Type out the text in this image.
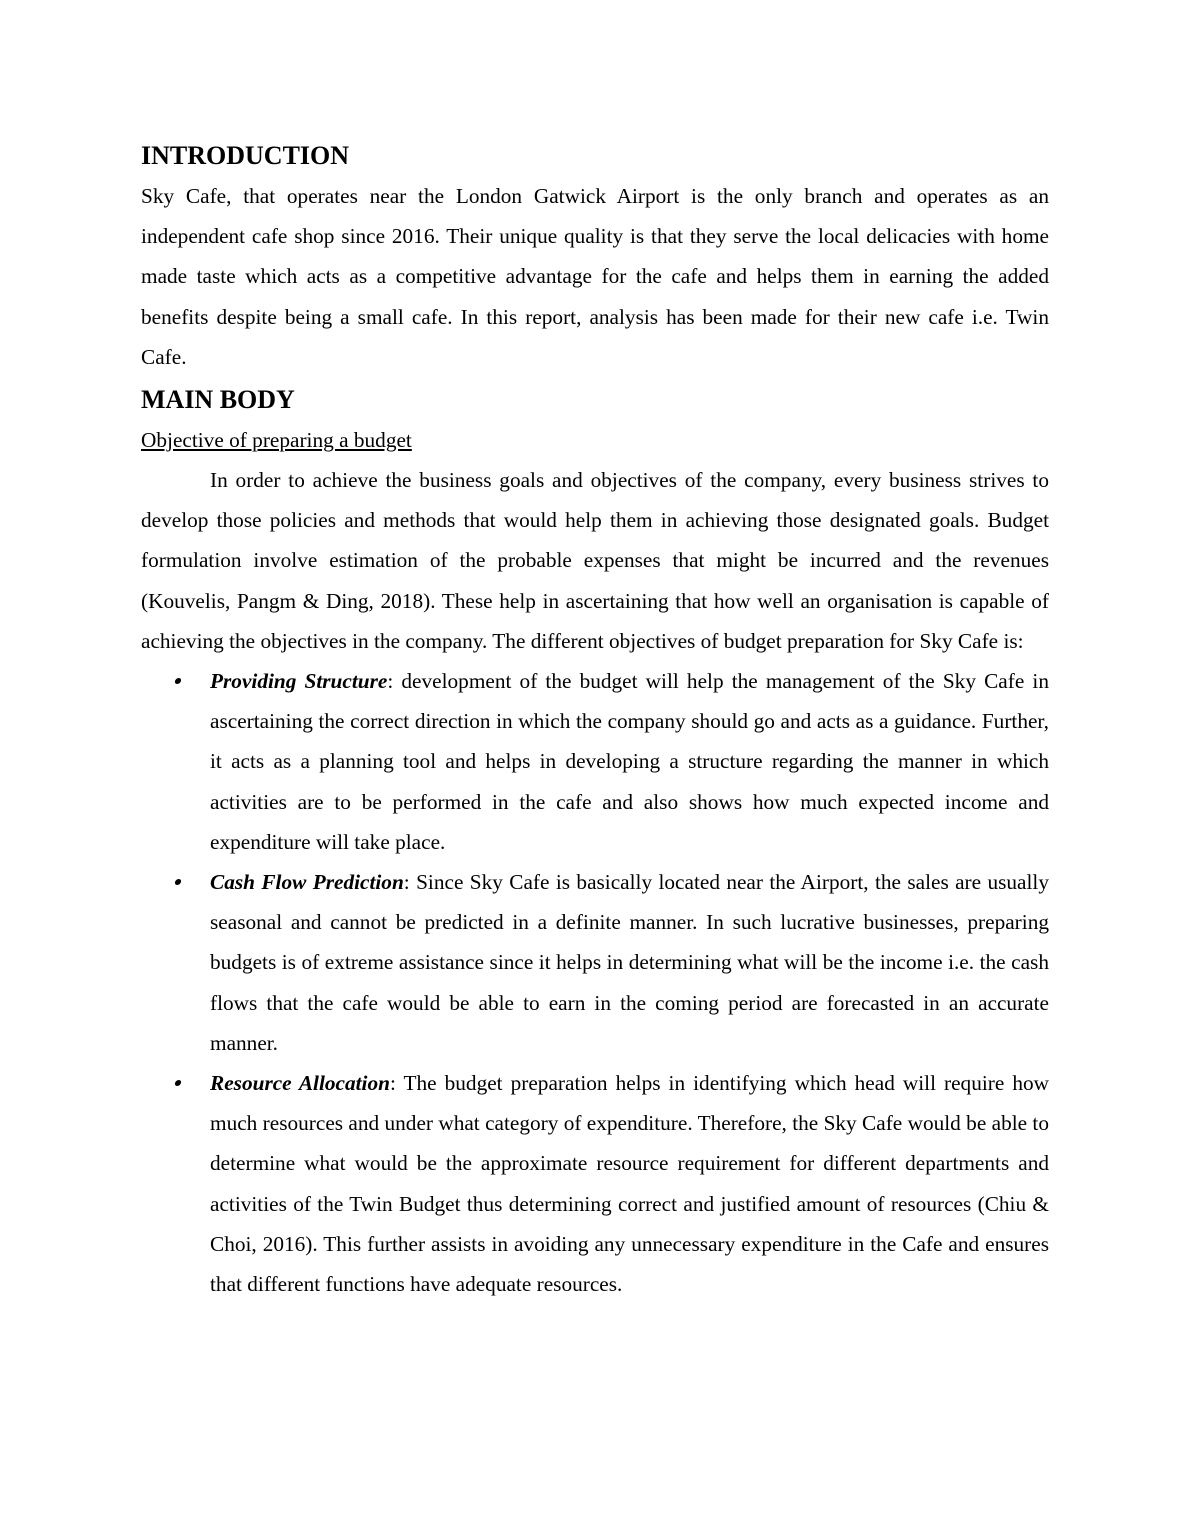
INTRODUCTION

Sky Cafe, that operates near the London Gatwick Airport is the only branch and operates as an independent cafe shop since 2016. Their unique quality is that they serve the local delicacies with home made taste which acts as a competitive advantage for the cafe and helps them in earning the added benefits despite being a small cafe. In this report, analysis has been made for their new cafe i.e. Twin Cafe.

MAIN BODY
Objective of preparing a budget

In order to achieve the business goals and objectives of the company, every business strives to develop those policies and methods that would help them in achieving those designated goals. Budget formulation involve estimation of the probable expenses that might be incurred and the revenues (Kouvelis, Pangm & Ding, 2018). These help in ascertaining that how well an organisation is capable of achieving the objectives in the company. The different objectives of budget preparation for Sky Cafe is:

Providing Structure: development of the budget will help the management of the Sky Cafe in ascertaining the correct direction in which the company should go and acts as a guidance. Further, it acts as a planning tool and helps in developing a structure regarding the manner in which activities are to be performed in the cafe and also shows how much expected income and expenditure will take place.

Cash Flow Prediction: Since Sky Cafe is basically located near the Airport, the sales are usually seasonal and cannot be predicted in a definite manner. In such lucrative businesses, preparing budgets is of extreme assistance since it helps in determining what will be the income i.e. the cash flows that the cafe would be able to earn in the coming period are forecasted in an accurate manner.

Resource Allocation: The budget preparation helps in identifying which head will require how much resources and under what category of expenditure. Therefore, the Sky Cafe would be able to determine what would be the approximate resource requirement for different departments and activities of the Twin Budget thus determining correct and justified amount of resources (Chiu & Choi, 2016). This further assists in avoiding any unnecessary expenditure in the Cafe and ensures that different functions have adequate resources.
